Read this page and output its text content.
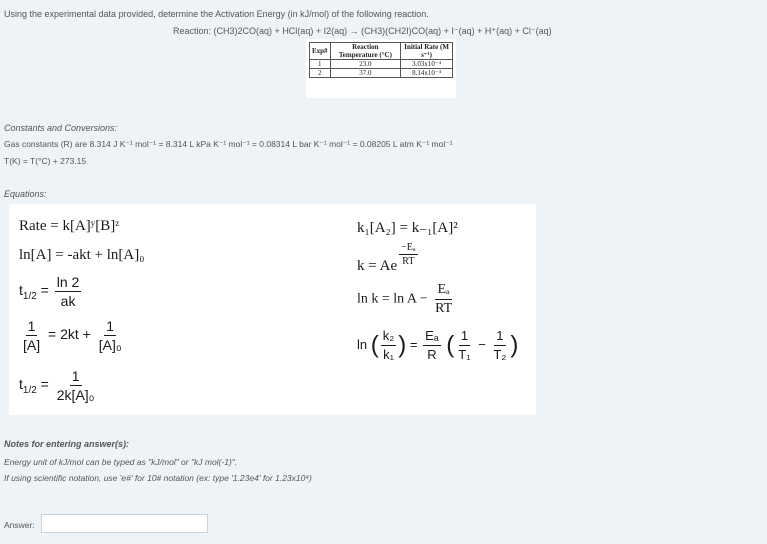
Using the experimental data provided, determine the Activation Energy (in kJ/mol) of the following reaction.
Reaction: (CH3)2CO(aq) + HCl(aq) + I2(aq) → (CH3)(CH2I)CO(aq) + I⁻(aq) + H⁺(aq) + Cl⁻(aq)
Exp#	Reaction Temperature (°C)	Initial Rate (M s⁻¹)
1	23.0	3.03x10⁻⁴
2	37.0	8.14x10⁻⁴
Constants and Conversions:
Gas constants (R) are 8.314 J K⁻¹ mol⁻¹ = 8.314 L kPa K⁻¹ mol⁻¹ = 0.08314 L bar K⁻¹ mol⁻¹ = 0.08205 L atm K⁻¹ mol⁻¹
T(K) = T(°C) + 273.15
Equations:
Rate = k[A]ʸ[B]ᶻ
ln[A] = -akt + ln[A]₀
$t_{1/2} = \frac{\ln 2}{ak}$
$\frac{1}{[A]} = 2kt + \frac{1}{\text{[A]₀}}$
$t_{1/2} = \frac{1}{\text{2k[A]₀}}$
k₁[A₂] = k₋₁[A]²
k = Ae $\frac{\text{−Eₐ}}{RT}$
$\ln k = \ln A - \frac{\text{Eₐ}}{RT}$
ln ( $\frac{\text{k₂}}{\text{k₁}}$ ) = $\frac{\text{Eₐ}}{R}$ ( $\frac{1}{\text{T₁}} - \frac{1}{\text{T₂}}$ )
Notes for entering answer(s):
Energy unit of kJ/mol can be typed as "kJ/mol" or "kJ mol(-1)".
If using scientific notation, use 'e#' for 10# notation (ex: type '1.23e4' for 1.23x10⁴)
Answer:
